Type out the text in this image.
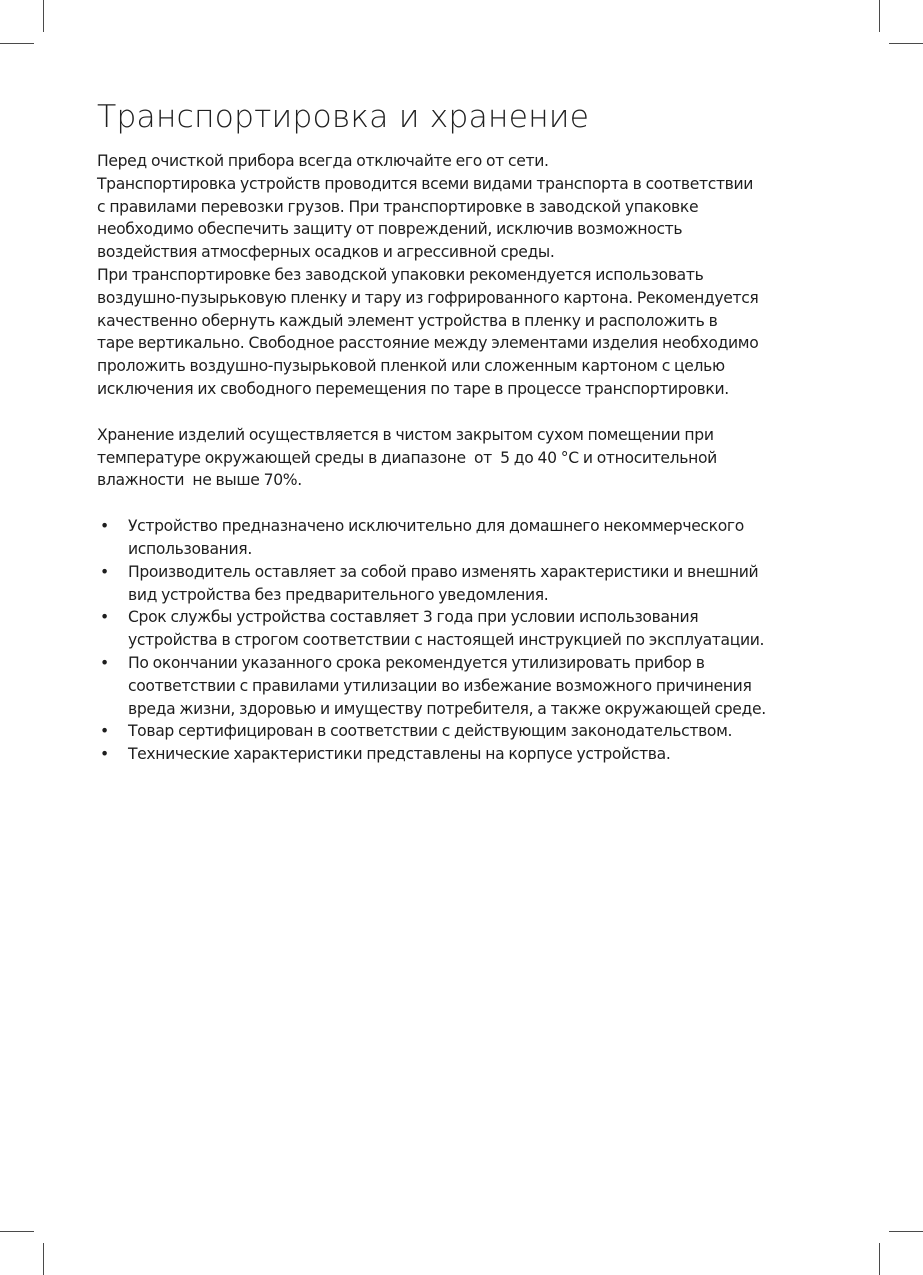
Транспортировка и хранение
Перед очисткой прибора всегда отключайте его от сети.
Транспортировка устройств проводится всеми видами транспорта в соответствии
с правилами перевозки грузов. При транспортировке в заводской упаковке
необходимо обеспечить защиту от повреждений, исключив возможность
воздействия атмосферных осадков и агрессивной среды.
При транспортировке без заводской упаковки рекомендуется использовать
воздушно-пузырьковую пленку и тару из гофрированного картона. Рекомендуется
качественно обернуть каждый элемент устройства в пленку и расположить в
таре вертикально. Свободное расстояние между элементами изделия необходимо
проложить воздушно-пузырьковой пленкой или сложенным картоном с целью
исключения их свободного перемещения по таре в процессе транспортировки.
Хранение изделий осуществляется в чистом закрытом сухом помещении при
температуре окружающей среды в диапазоне  от  5 до 40 °С и относительной
влажности  не выше 70%.
• Устройство предназначено исключительно для домашнего некоммерческого
использования.
• Производитель оставляет за собой право изменять характеристики и внешний
вид устройства без предварительного уведомления.
• Срок службы устройства составляет 3 года при условии использования
устройства в строгом соответствии с настоящей инструкцией по эксплуатации.
• По окончании указанного срока рекомендуется утилизировать прибор в
соответствии с правилами утилизации во избежание возможного причинения
вреда жизни, здоровью и имуществу потребителя, а также окружающей среде.
• Товар сертифицирован в соответствии с действующим законодательством.
• Технические характеристики представлены на корпусе устройства.
